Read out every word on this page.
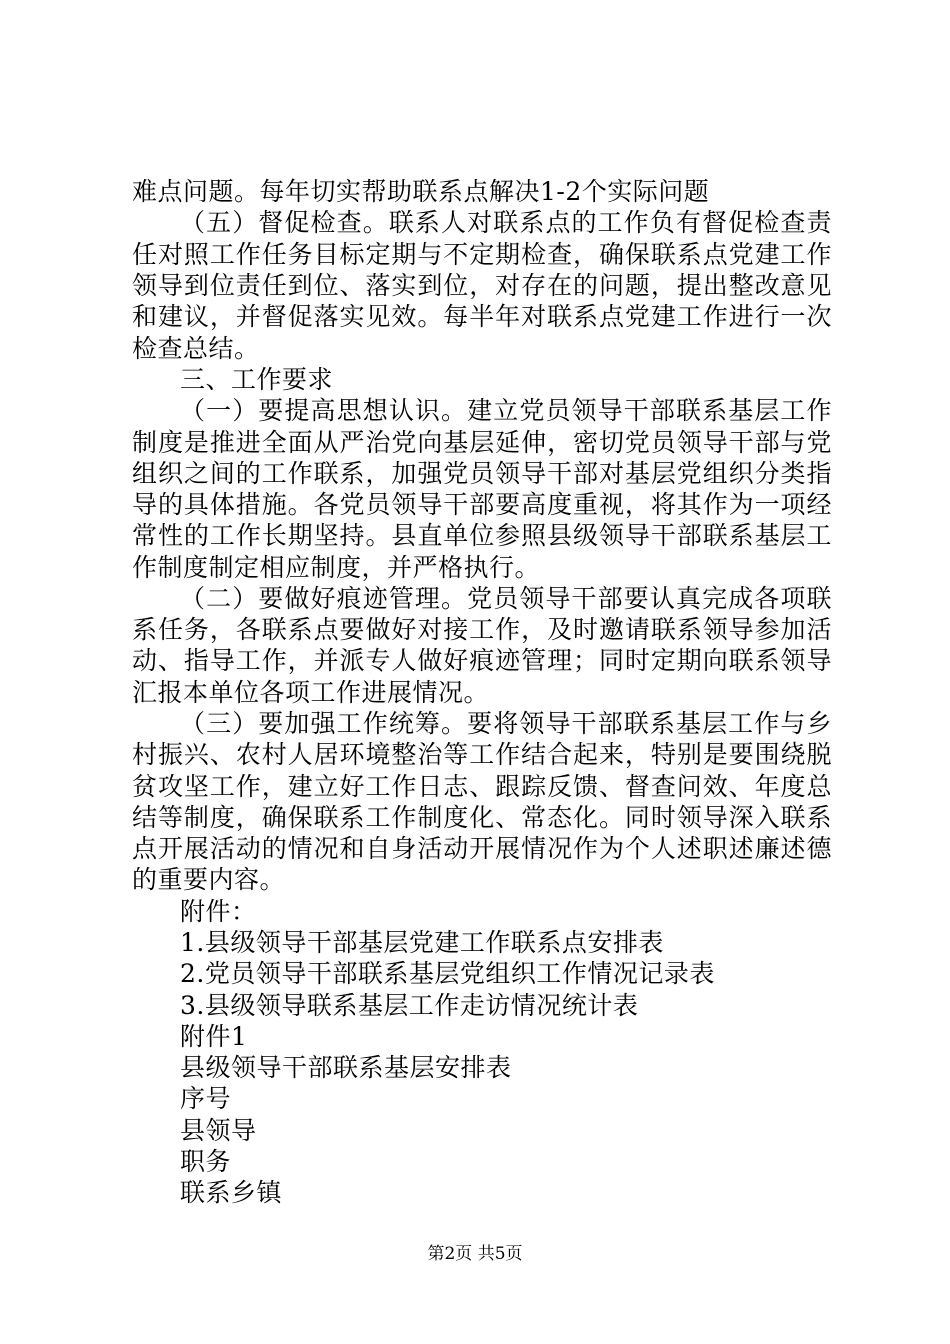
难点问题。每年切实帮助联系点解决1-2个实际问题
（五）督促检查。联系人对联系点的工作负有督促检查责
任对照工作任务目标定期与不定期检查，确保联系点党建工作
领导到位责任到位、落实到位，对存在的问题，提出整改意见
和建议，并督促落实见效。每半年对联系点党建工作进行一次
检查总结。
三、工作要求
（一）要提高思想认识。建立党员领导干部联系基层工作
制度是推进全面从严治党向基层延伸，密切党员领导干部与党
组织之间的工作联系，加强党员领导干部对基层党组织分类指
导的具体措施。各党员领导干部要高度重视，将其作为一项经
常性的工作长期坚持。县直单位参照县级领导干部联系基层工
作制度制定相应制度，并严格执行。
（二）要做好痕迹管理。党员领导干部要认真完成各项联
系任务，各联系点要做好对接工作，及时邀请联系领导参加活
动、指导工作，并派专人做好痕迹管理；同时定期向联系领导
汇报本单位各项工作进展情况。
（三）要加强工作统筹。要将领导干部联系基层工作与乡
村振兴、农村人居环境整治等工作结合起来，特别是要围绕脱
贫攻坚工作，建立好工作日志、跟踪反馈、督查问效、年度总
结等制度，确保联系工作制度化、常态化。同时领导深入联系
点开展活动的情况和自身活动开展情况作为个人述职述廉述德
的重要内容。
附件：
1.县级领导干部基层党建工作联系点安排表
2.党员领导干部联系基层党组织工作情况记录表
3.县级领导联系基层工作走访情况统计表
附件1
县级领导干部联系基层安排表
序号
县领导
职务
联系乡镇
第2页 共5页
